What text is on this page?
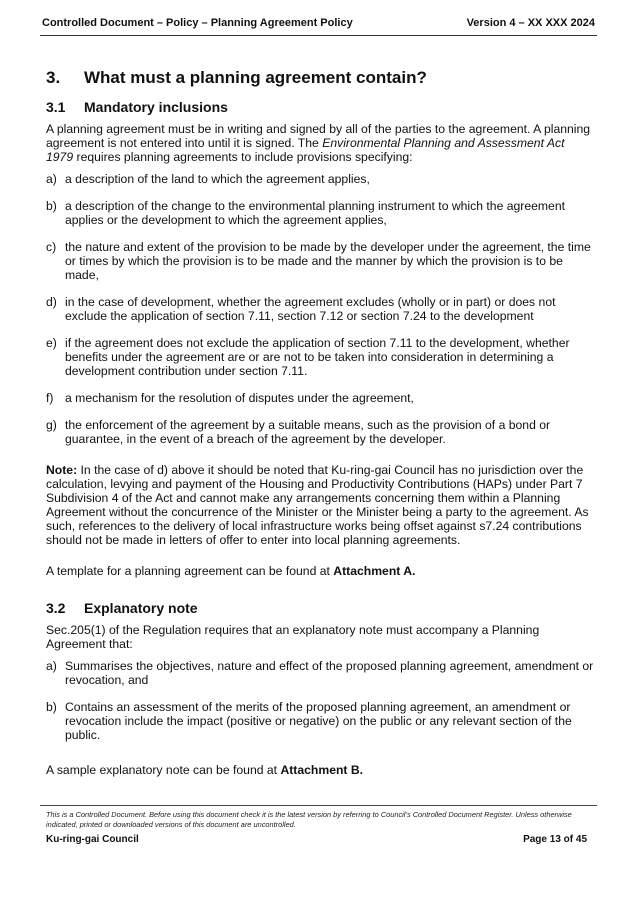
Controlled Document – Policy – Planning Agreement Policy	Version 4 – XX XXX 2024
3.	What must a planning agreement contain?
3.1	Mandatory inclusions

A planning agreement must be in writing and signed by all of the parties to the agreement. A planning agreement is not entered into until it is signed. The Environmental Planning and Assessment Act 1979 requires planning agreements to include provisions specifying:

a) a description of the land to which the agreement applies,
b) a description of the change to the environmental planning instrument to which the agreement applies or the development to which the agreement applies,
c) the nature and extent of the provision to be made by the developer under the agreement, the time or times by which the provision is to be made and the manner by which the provision is to be made,
d) in the case of development, whether the agreement excludes (wholly or in part) or does not exclude the application of section 7.11, section 7.12 or section 7.24 to the development
e) if the agreement does not exclude the application of section 7.11 to the development, whether benefits under the agreement are or are not to be taken into consideration in determining a development contribution under section 7.11.
f) a mechanism for the resolution of disputes under the agreement,
g) the enforcement of the agreement by a suitable means, such as the provision of a bond or guarantee, in the event of a breach of the agreement by the developer.

Note: In the case of d) above it should be noted that Ku-ring-gai Council has no jurisdiction over the calculation, levying and payment of the Housing and Productivity Contributions (HAPs) under Part 7 Subdivision 4 of the Act and cannot make any arrangements concerning them within a Planning Agreement without the concurrence of the Minister or the Minister being a party to the agreement. As such, references to the delivery of local infrastructure works being offset against s7.24 contributions should not be made in letters of offer to enter into local planning agreements.

A template for a planning agreement can be found at Attachment A.

3.2	Explanatory note

Sec.205(1) of the Regulation requires that an explanatory note must accompany a Planning Agreement that:

a) Summarises the objectives, nature and effect of the proposed planning agreement, amendment or revocation, and
b) Contains an assessment of the merits of the proposed planning agreement, an amendment or revocation include the impact (positive or negative) on the public or any relevant section of the public.

A sample explanatory note can be found at Attachment B.

This is a Controlled Document. Before using this document check it is the latest version by referring to Council’s Controlled Document Register. Unless otherwise indicated, printed or downloaded versions of this document are uncontrolled.
Ku-ring-gai Council	Page 13 of 45
